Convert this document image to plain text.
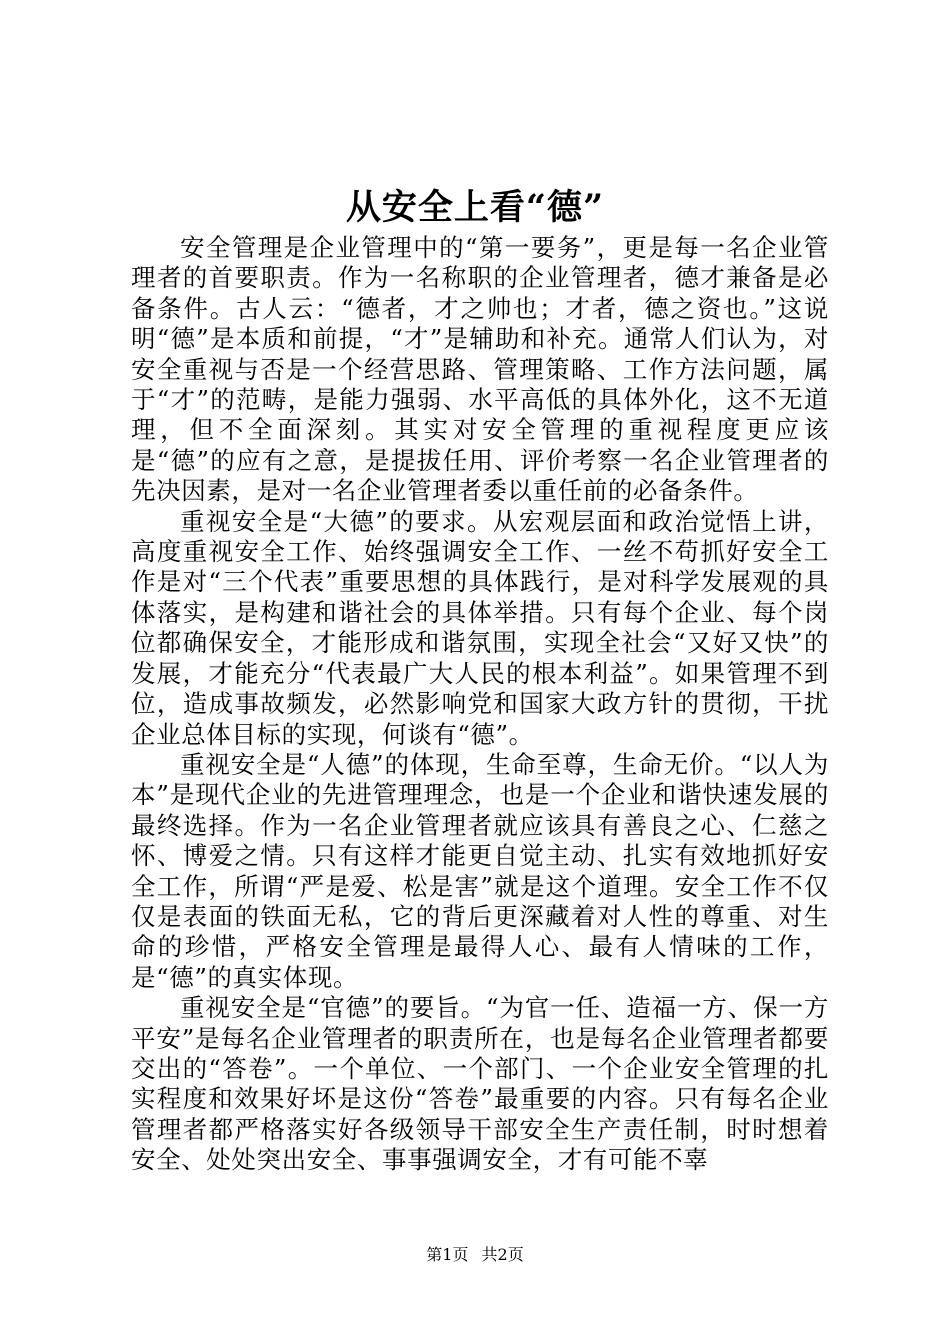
从安全上看“德”

安全管理是企业管理中的“第一要务”，更是每一名企业管理者的首要职责。作为一名称职的企业管理者，德才兼备是必备条件。古人云：“德者，才之帅也；才者，德之资也。”这说明“德”是本质和前提，“才”是辅助和补充。通常人们认为，对安全重视与否是一个经营思路、管理策略、工作方法问题，属于“才”的范畴，是能力强弱、水平高低的具体外化，这不无道理，但不全面深刻。其实对安全管理的重视程度更应该是“德”的应有之意，是提拔任用、评价考察一名企业管理者的先决因素，是对一名企业管理者委以重任前的必备条件。

重视安全是“大德”的要求。从宏观层面和政治觉悟上讲，高度重视安全工作、始终强调安全工作、一丝不苟抓好安全工作是对“三个代表”重要思想的具体践行，是对科学发展观的具体落实，是构建和谐社会的具体举措。只有每个企业、每个岗位都确保安全，才能形成和谐氛围，实现全社会“又好又快”的发展，才能充分“代表最广大人民的根本利益”。如果管理不到位，造成事故频发，必然影响党和国家大政方针的贯彻，干扰企业总体目标的实现，何谈有“德”。

重视安全是“人德”的体现，生命至尊，生命无价。“以人为本”是现代企业的先进管理理念，也是一个企业和谐快速发展的最终选择。作为一名企业管理者就应该具有善良之心、仁慈之怀、博爱之情。只有这样才能更自觉主动、扎实有效地抓好安全工作，所谓“严是爱、松是害”就是这个道理。安全工作不仅仅是表面的铁面无私，它的背后更深藏着对人性的尊重、对生命的珍惜，严格安全管理是最得人心、最有人情味的工作，是“德”的真实体现。

重视安全是“官德”的要旨。“为官一任、造福一方、保一方平安”是每名企业管理者的职责所在，也是每名企业管理者都要交出的“答卷”。一个单位、一个部门、一个企业安全管理的扎实程度和效果好坏是这份“答卷”最重要的内容。只有每名企业管理者都严格落实好各级领导干部安全生产责任制，时时想着安全、处处突出安全、事事强调安全，才有可能不辜

第1页 共2页
